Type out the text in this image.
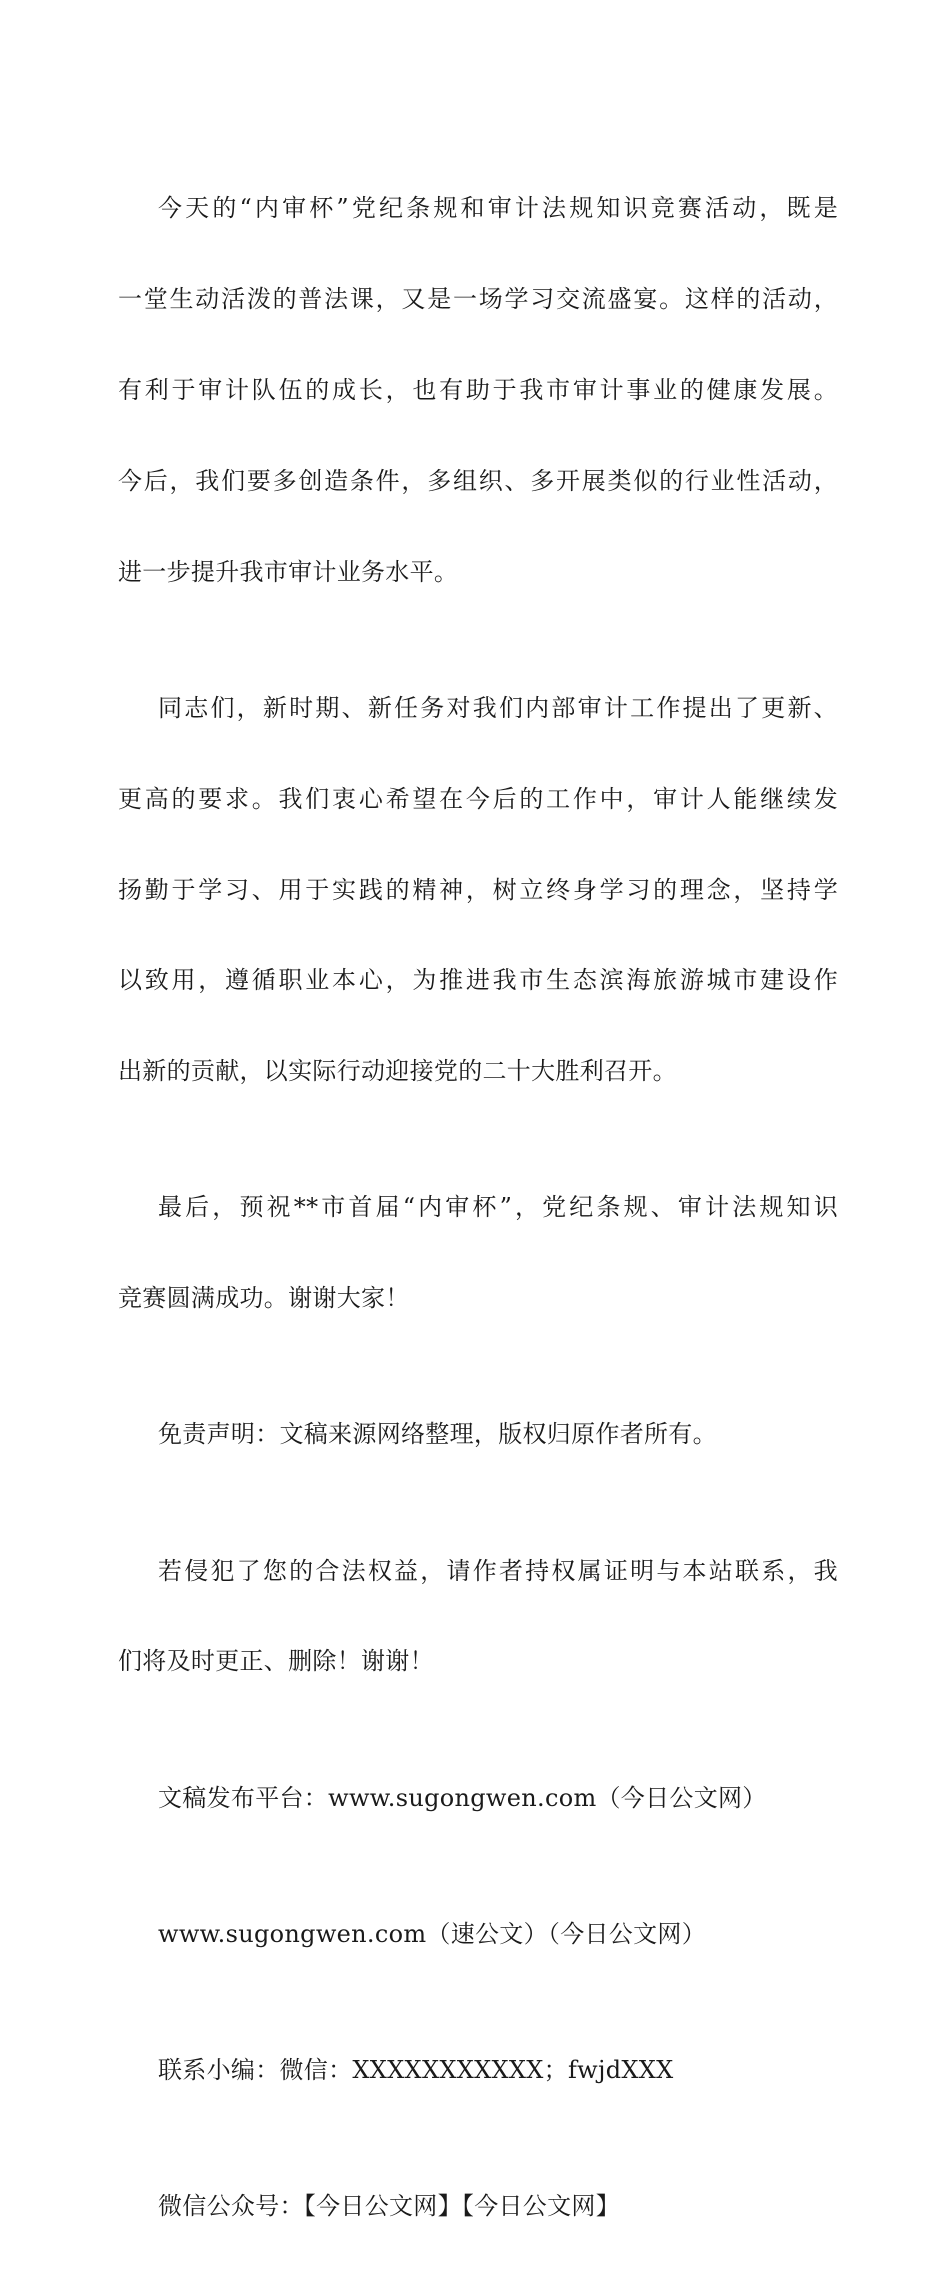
今天的“内审杯”党纪条规和审计法规知识竞赛活动，既是

一堂生动活泼的普法课，又是一场学习交流盛宴。这样的活动，

有利于审计队伍的成长，也有助于我市审计事业的健康发展。

今后，我们要多创造条件，多组织、多开展类似的行业性活动，

进一步提升我市审计业务水平。

同志们，新时期、新任务对我们内部审计工作提出了更新、

更高的要求。我们衷心希望在今后的工作中，审计人能继续发

扬勤于学习、用于实践的精神，树立终身学习的理念，坚持学

以致用，遵循职业本心，为推进我市生态滨海旅游城市建设作

出新的贡献，以实际行动迎接党的二十大胜利召开。

最后，预祝**市首届“内审杯”，党纪条规、审计法规知识

竞赛圆满成功。谢谢大家！

免责声明：文稿来源网络整理，版权归原作者所有。

若侵犯了您的合法权益，请作者持权属证明与本站联系，我

们将及时更正、删除！谢谢！

文稿发布平台：www.sugongwen.com（今日公文网）

www.sugongwen.com（速公文）（今日公文网）

联系小编：微信：XXXXXXXXXXX；fwjdXXX

微信公众号：【今日公文网】【今日公文网】
